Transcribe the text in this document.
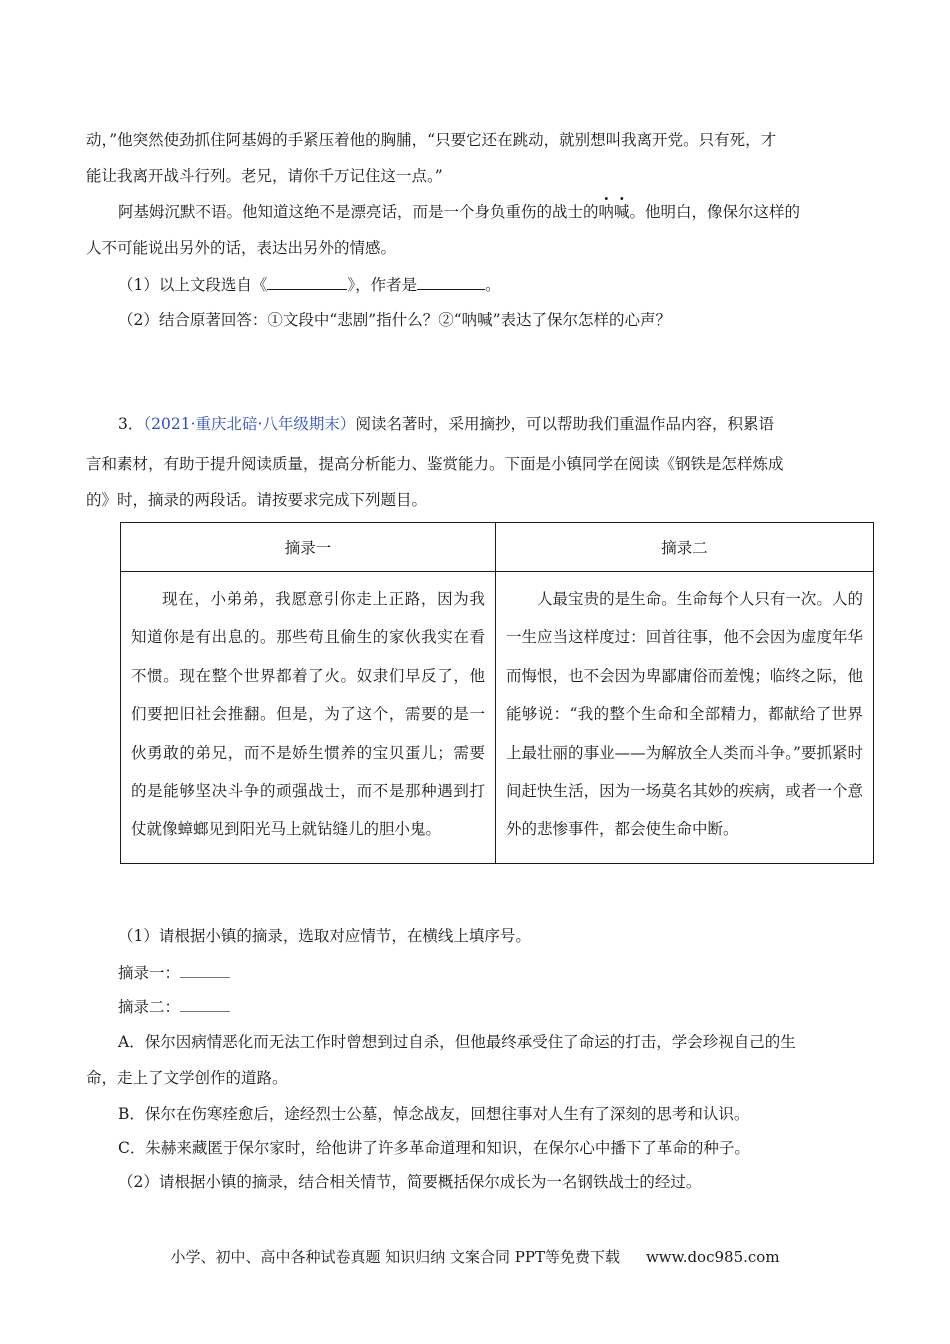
动，”他突然使劲抓住阿基姆的手紧压着他的胸脯，“只要它还在跳动，就别想叫我离开党。只有死，才
能让我离开战斗行列。老兄，请你千万记住这一点。”
阿基姆沉默不语。他知道这绝不是漂亮话，而是一个身负重伤的战士的呐喊。他明白，像保尔这样的
人不可能说出另外的话，表达出另外的情感。
（1）以上文段选自《	》，作者是	。
（2）结合原著回答：①文段中“悲剧”指什么？②“呐喊”表达了保尔怎样的心声？
3．（2021·重庆北碚·八年级期末）阅读名著时，采用摘抄，可以帮助我们重温作品内容，积累语
言和素材，有助于提升阅读质量，提高分析能力、鉴赏能力。下面是小镇同学在阅读《钢铁是怎样炼成
的》时，摘录的两段话。请按要求完成下列题目。
摘录一	摘录二
现在，小弟弟，我愿意引你走上正路，因为我知道你是有出息的。那些苟且偷生的家伙我实在看不惯。现在整个世界都着了火。奴隶们早反了，他们要把旧社会推翻。但是，为了这个，需要的是一伙勇敢的弟兄，而不是娇生惯养的宝贝蛋儿；需要的是能够坚决斗争的顽强战士，而不是那种遇到打仗就像蟑螂见到阳光马上就钻缝儿的胆小鬼。	人最宝贵的是生命。生命每个人只有一次。人的一生应当这样度过：回首往事，他不会因为虚度年华而悔恨，也不会因为卑鄙庸俗而羞愧；临终之际，他能够说：“我的整个生命和全部精力，都献给了世界上最壮丽的事业——为解放全人类而斗争。”要抓紧时间赶快生活，因为一场莫名其妙的疾病，或者一个意外的悲惨事件，都会使生命中断。
（1）请根据小镇的摘录，选取对应情节，在横线上填序号。
摘录一：
摘录二：
A．保尔因病情恶化而无法工作时曾想到过自杀，但他最终承受住了命运的打击，学会珍视自己的生
命，走上了文学创作的道路。
B．保尔在伤寒痊愈后，途经烈士公墓，悼念战友，回想往事对人生有了深刻的思考和认识。
C．朱赫来藏匿于保尔家时，给他讲了许多革命道理和知识，在保尔心中播下了革命的种子。
（2）请根据小镇的摘录，结合相关情节，简要概括保尔成长为一名钢铁战士的经过。
小学、初中、高中各种试卷真题 知识归纳 文案合同 PPT等免费下载 www.doc985.com
